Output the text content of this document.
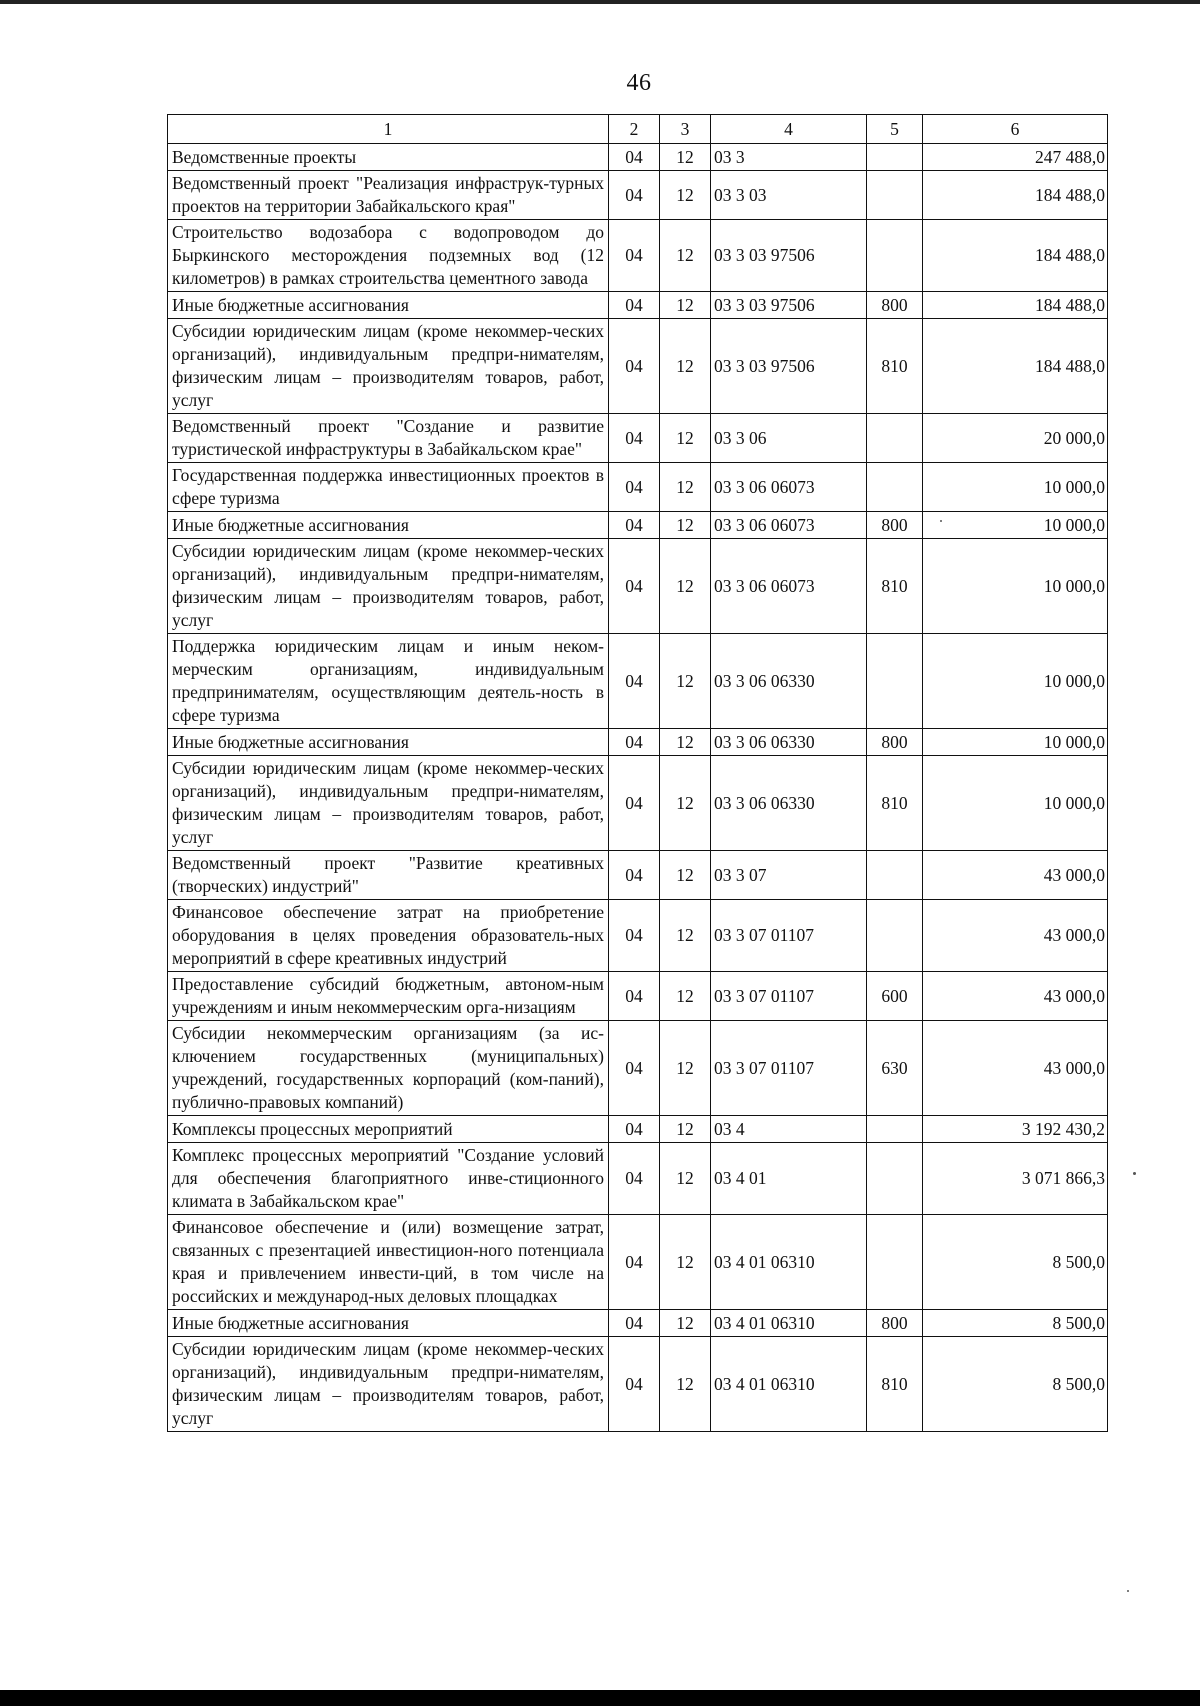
46
1	2	3	4	5	6
Ведомственные проекты	04	12	03 3		247 488,0
Ведомственный проект "Реализация инфраструк-турных проектов на территории Забайкальского края"	04	12	03 3 03		184 488,0
Строительство водозабора с водопроводом до Быркинского месторождения подземных вод (12 километров) в рамках строительства цементного завода	04	12	03 3 03 97506		184 488,0
Иные бюджетные ассигнования	04	12	03 3 03 97506	800	184 488,0
Субсидии юридическим лицам (кроме некоммер-ческих организаций), индивидуальным предпри-нимателям, физическим лицам – производителям товаров, работ, услуг	04	12	03 3 03 97506	810	184 488,0
Ведомственный проект "Создание и развитие туристической инфраструктуры в Забайкальском крае"	04	12	03 3 06		20 000,0
Государственная поддержка инвестиционных проектов в сфере туризма	04	12	03 3 06 06073		10 000,0
Иные бюджетные ассигнования	04	12	03 3 06 06073	800	10 000,0
Субсидии юридическим лицам (кроме некоммер-ческих организаций), индивидуальным предпри-нимателям, физическим лицам – производителям товаров, работ, услуг	04	12	03 3 06 06073	810	10 000,0
Поддержка юридическим лицам и иным неком-мерческим организациям, индивидуальным предпринимателям, осуществляющим деятель-ность в сфере туризма	04	12	03 3 06 06330		10 000,0
Иные бюджетные ассигнования	04	12	03 3 06 06330	800	10 000,0
Субсидии юридическим лицам (кроме некоммер-ческих организаций), индивидуальным предпри-нимателям, физическим лицам – производителям товаров, работ, услуг	04	12	03 3 06 06330	810	10 000,0
Ведомственный проект "Развитие креативных (творческих) индустрий"	04	12	03 3 07		43 000,0
Финансовое обеспечение затрат на приобретение оборудования в целях проведения образователь-ных мероприятий в сфере креативных индустрий	04	12	03 3 07 01107		43 000,0
Предоставление субсидий бюджетным, автоном-ным учреждениям и иным некоммерческим орга-низациям	04	12	03 3 07 01107	600	43 000,0
Субсидии некоммерческим организациям (за ис-ключением государственных (муниципальных) учреждений, государственных корпораций (ком-паний), публично-правовых компаний)	04	12	03 3 07 01107	630	43 000,0
Комплексы процессных мероприятий	04	12	03 4		3 192 430,2
Комплекс процессных мероприятий "Создание условий для обеспечения благоприятного инве-стиционного климата в Забайкальском крае"	04	12	03 4 01		3 071 866,3
Финансовое обеспечение и (или) возмещение затрат, связанных с презентацией инвестицион-ного потенциала края и привлечением инвести-ций, в том числе на российских и международ-ных деловых площадках	04	12	03 4 01 06310		8 500,0
Иные бюджетные ассигнования	04	12	03 4 01 06310	800	8 500,0
Субсидии юридическим лицам (кроме некоммер-ческих организаций), индивидуальным предпри-нимателям, физическим лицам – производителям товаров, работ, услуг	04	12	03 4 01 06310	810	8 500,0
